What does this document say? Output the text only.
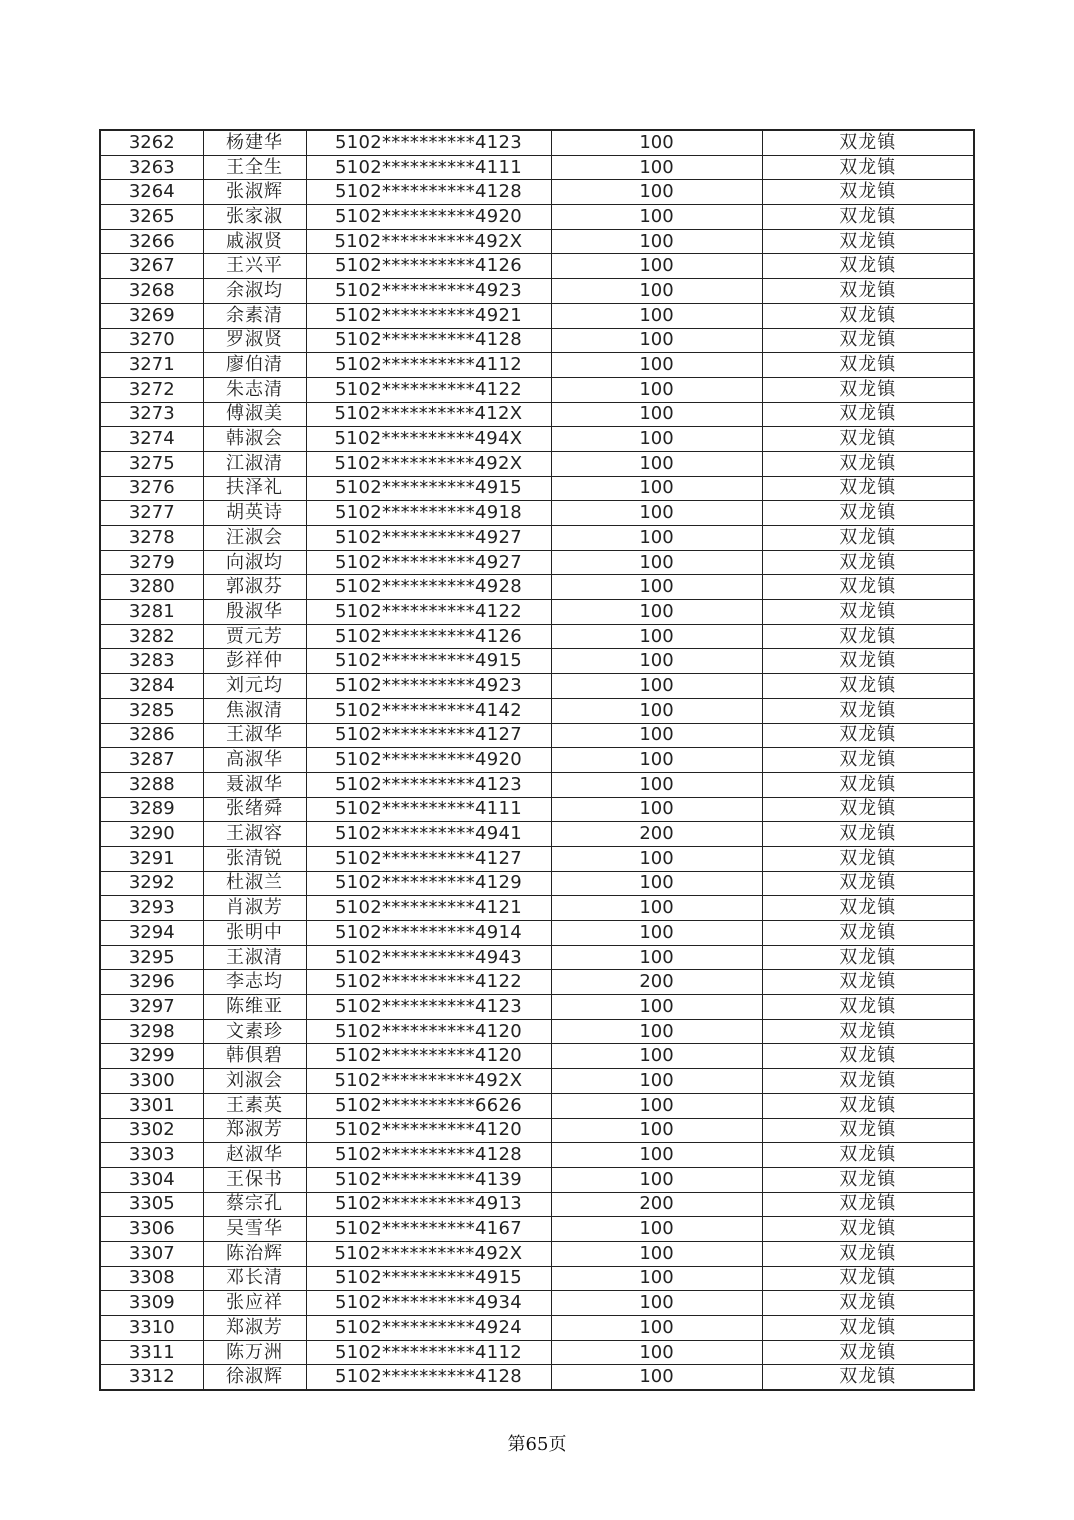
3262	杨建华	5102**********4123	100	双龙镇
3263	王全生	5102**********4111	100	双龙镇
3264	张淑辉	5102**********4128	100	双龙镇
3265	张家淑	5102**********4920	100	双龙镇
3266	戚淑贤	5102**********492X	100	双龙镇
3267	王兴平	5102**********4126	100	双龙镇
3268	余淑均	5102**********4923	100	双龙镇
3269	余素清	5102**********4921	100	双龙镇
3270	罗淑贤	5102**********4128	100	双龙镇
3271	廖伯清	5102**********4112	100	双龙镇
3272	朱志清	5102**********4122	100	双龙镇
3273	傅淑美	5102**********412X	100	双龙镇
3274	韩淑会	5102**********494X	100	双龙镇
3275	江淑清	5102**********492X	100	双龙镇
3276	扶泽礼	5102**********4915	100	双龙镇
3277	胡英诗	5102**********4918	100	双龙镇
3278	汪淑会	5102**********4927	100	双龙镇
3279	向淑均	5102**********4927	100	双龙镇
3280	郭淑芬	5102**********4928	100	双龙镇
3281	殷淑华	5102**********4122	100	双龙镇
3282	贾元芳	5102**********4126	100	双龙镇
3283	彭祥仲	5102**********4915	100	双龙镇
3284	刘元均	5102**********4923	100	双龙镇
3285	焦淑清	5102**********4142	100	双龙镇
3286	王淑华	5102**********4127	100	双龙镇
3287	高淑华	5102**********4920	100	双龙镇
3288	聂淑华	5102**********4123	100	双龙镇
3289	张绪舜	5102**********4111	100	双龙镇
3290	王淑容	5102**********4941	200	双龙镇
3291	张清锐	5102**********4127	100	双龙镇
3292	杜淑兰	5102**********4129	100	双龙镇
3293	肖淑芳	5102**********4121	100	双龙镇
3294	张明中	5102**********4914	100	双龙镇
3295	王淑清	5102**********4943	100	双龙镇
3296	李志均	5102**********4122	200	双龙镇
3297	陈维亚	5102**********4123	100	双龙镇
3298	文素珍	5102**********4120	100	双龙镇
3299	韩俱碧	5102**********4120	100	双龙镇
3300	刘淑会	5102**********492X	100	双龙镇
3301	王素英	5102**********6626	100	双龙镇
3302	郑淑芳	5102**********4120	100	双龙镇
3303	赵淑华	5102**********4128	100	双龙镇
3304	王保书	5102**********4139	100	双龙镇
3305	蔡宗孔	5102**********4913	200	双龙镇
3306	吴雪华	5102**********4167	100	双龙镇
3307	陈治辉	5102**********492X	100	双龙镇
3308	邓长清	5102**********4915	100	双龙镇
3309	张应祥	5102**********4934	100	双龙镇
3310	郑淑芳	5102**********4924	100	双龙镇
3311	陈万洲	5102**********4112	100	双龙镇
3312	徐淑辉	5102**********4128	100	双龙镇
第65页
